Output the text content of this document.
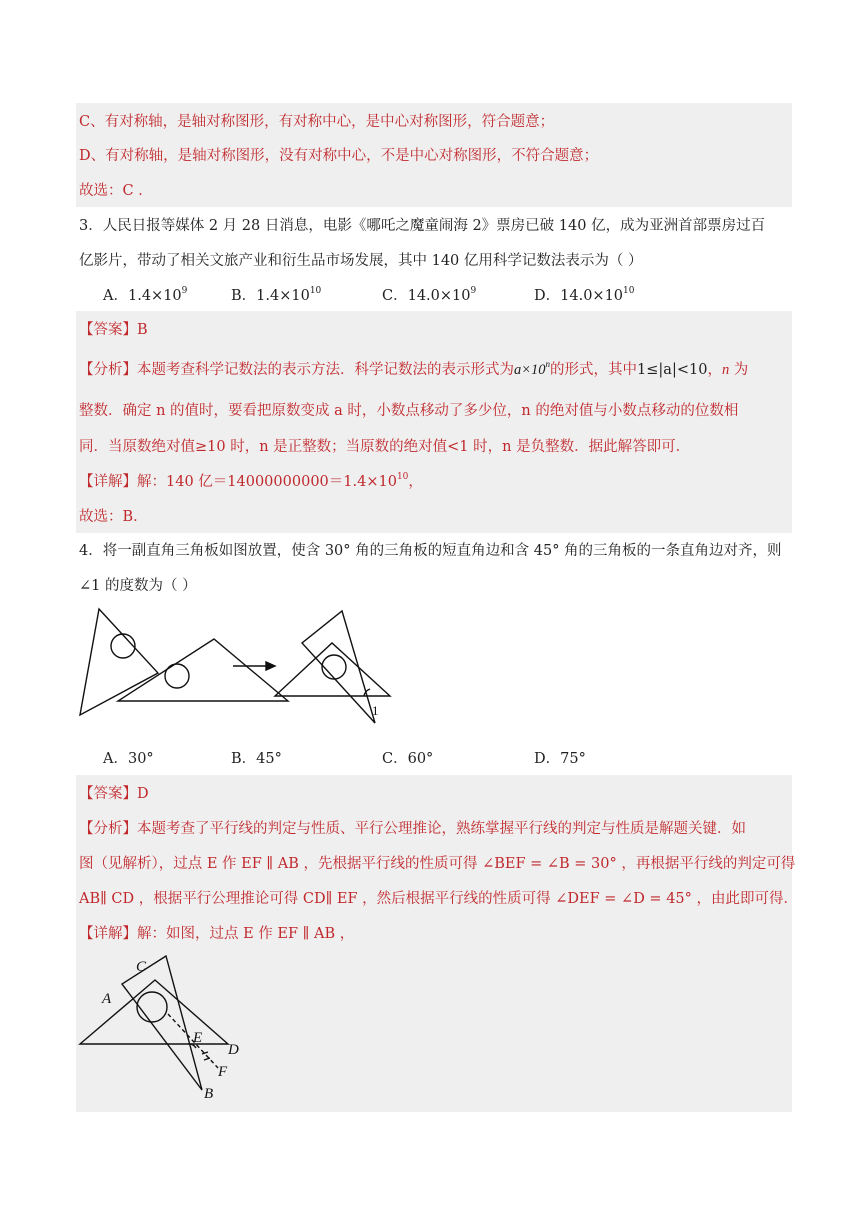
C、有对称轴，是轴对称图形，有对称中心，是中心对称图形，符合题意；
D、有对称轴，是轴对称图形，没有对称中心，不是中心对称图形，不符合题意；
故选：C ．
3．人民日报等媒体 2 月 28 日消息，电影《哪吒之魔童闹海 2》票房已破 140 亿，成为亚洲首部票房过百
亿影片，带动了相关文旅产业和衍生品市场发展，其中 140 亿用科学记数法表示为（ ）
A．$1.4\times 10^9$	B．$1.4\times 10^{10}$	C．$14.0\times 10^9$	D．$14.0\times 10^{10}$
【答案】B
【分析】本题考查科学记数法的表示方法．科学记数法的表示形式为$a\times 10^n$的形式，其中1≤|a|<10，n 为
整数．确定 n 的值时，要看把原数变成 a 时，小数点移动了多少位，n 的绝对值与小数点移动的位数相
同．当原数绝对值≥10 时，n 是正整数；当原数的绝对值<1 时，n 是负整数．据此解答即可．
【详解】解：140 亿$=14000000000=1.4\times 10^{10}$，
故选：B．
4．将一副直角三角板如图放置，使含 30° 角的三角板的短直角边和含 45° 角的三角板的一条直角边对齐，则
∠1 的度数为（ ）
1
A．30°	B．45°	C．60°	D．75°
【答案】D
【分析】本题考查了平行线的判定与性质、平行公理推论，熟练掌握平行线的判定与性质是解题关键．如
图（见解析），过点 E 作 EF ∥ AB ，先根据平行线的性质可得 ∠BEF = ∠B = 30° ，再根据平行线的判定可得
AB∥ CD ，根据平行公理推论可得 CD∥ EF ，然后根据平行线的性质可得 ∠DEF = ∠D = 45° ，由此即可得．
【详解】解：如图，过点 E 作 EF ∥ AB ，
C
A
E
D
F
B
